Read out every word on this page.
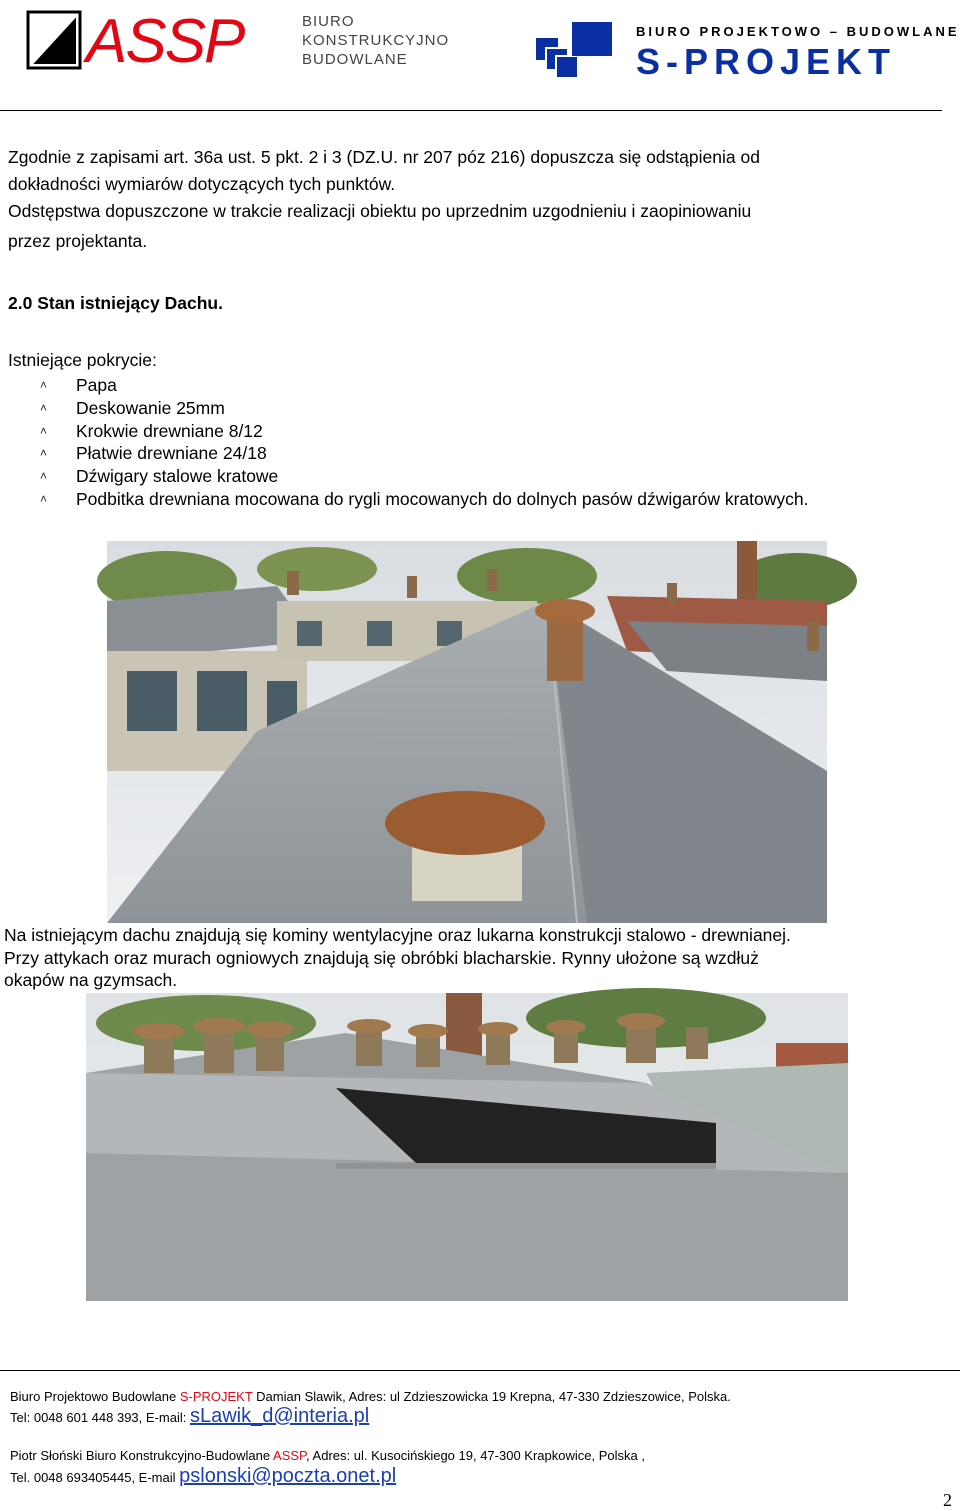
ASSP	BIURO
KONSTRUKCYJNO
BUDOWLANE
BIURO PROJEKTOWO – BUDOWLANE
S-PROJEKT
Zgodnie z zapisami art. 36a ust. 5 pkt. 2 i 3 (DZ.U. nr 207 póz 216) dopuszcza się odstąpienia od
dokładności wymiarów dotyczących tych punktów.
Odstępstwa dopuszczone w trakcie realizacji obiektu po uprzednim uzgodnieniu i zaopiniowaniu
przez projektanta.
2.0 Stan istniejący Dachu.
Istniejące pokrycie:
˄	Papa
˄	Deskowanie 25mm
˄	Krokwie drewniane 8/12
˄	Płatwie drewniane 24/18
˄	Dźwigary stalowe kratowe
˄	Podbitka drewniana mocowana do rygli mocowanych do dolnych pasów dźwigarów kratowych.
Na istniejącym dachu znajdują się kominy wentylacyjne oraz lukarna konstrukcji stalowo - drewnianej.
Przy attykach oraz murach ogniowych znajdują się obróbki blacharskie. Rynny ułożone są wzdłuż
okapów na gzymsach.
Biuro Projektowo Budowlane S-PROJEKT Damian Slawik, Adres: ul Zdzieszowicka 19 Krepna, 47-330 Zdzieszowice, Polska.
Tel: 0048 601 448 393, E-mail: sLawik_d@interia.pl
Piotr Słoński Biuro Konstrukcyjno-Budowlane ASSP, Adres: ul. Kusocińskiego 19, 47-300 Krapkowice, Polska ,
Tel. 0048 693405445, E-mail pslonski@poczta.onet.pl
2
